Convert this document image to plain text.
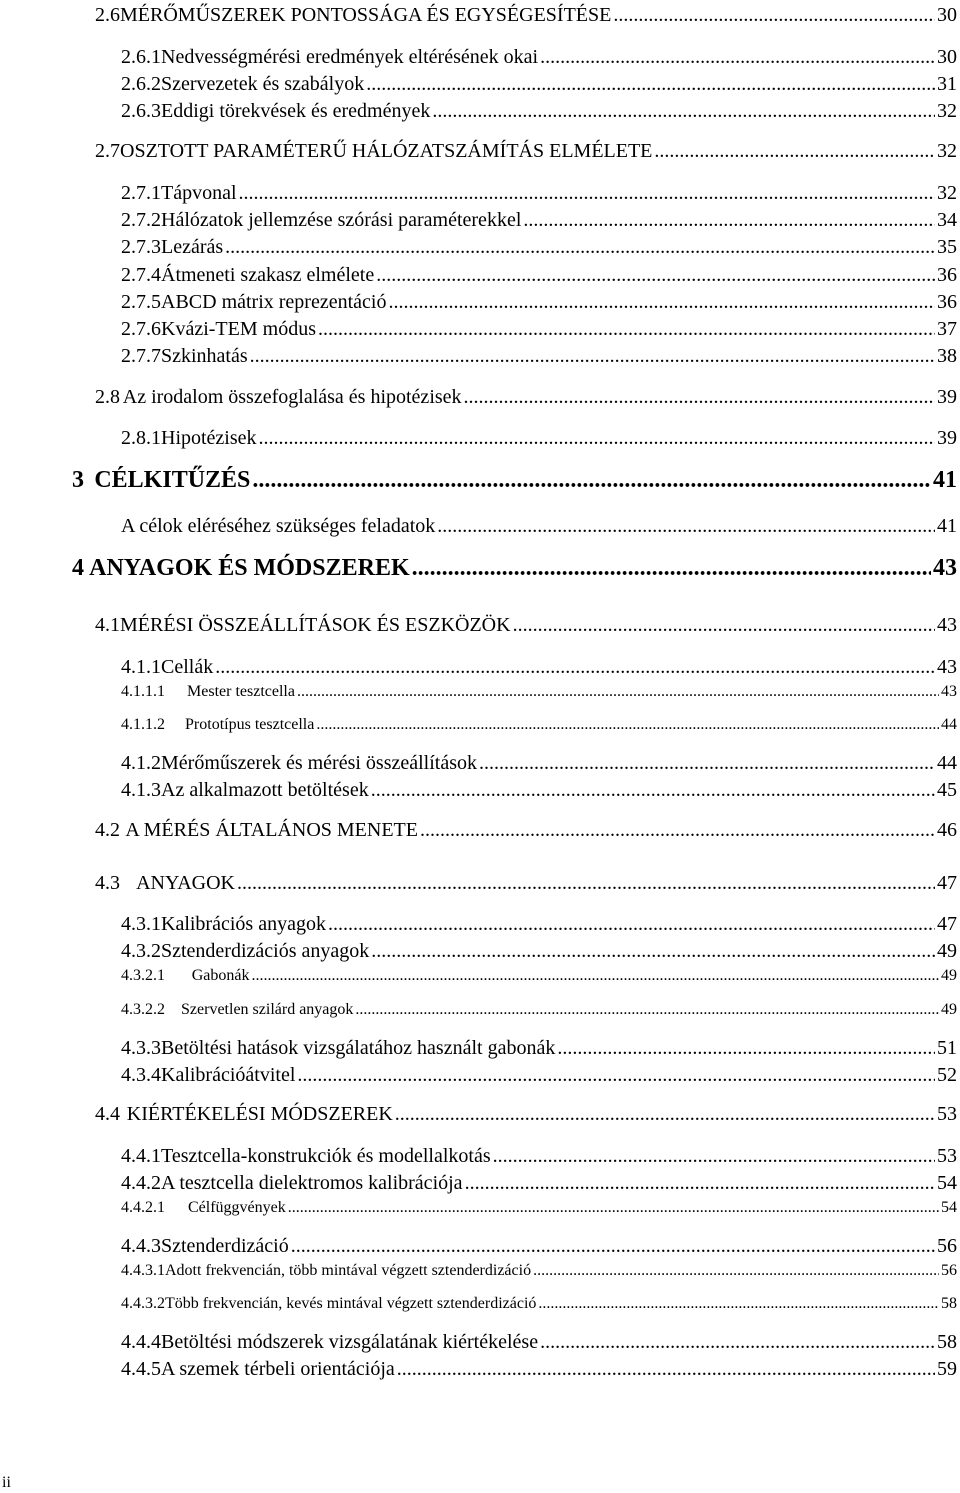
2.6 MÉRŐMŰSZEREK PONTOSSÁGA ÉS EGYSÉGESÍTÉSE .....	30
2.6.1 Nedvességmérési eredmények eltérésének okai .....	30
2.6.2 Szervezetek és szabályok .....	31
2.6.3 Eddigi törekvések és eredmények .....	32
2.7 OSZTOTT PARAMÉTERŰ HÁLÓZATSZÁMÍTÁS ELMÉLETE .....	32
2.7.1 Tápvonal .....	32
2.7.2 Hálózatok jellemzése szórási paraméterekkel .....	34
2.7.3 Lezárás .....	35
2.7.4 Átmeneti szakasz elmélete .....	36
2.7.5 ABCD mátrix reprezentáció .....	36
2.7.6 Kvázi-TEM módus .....	37
2.7.7 Szkinhatás .....	38
2.8 Az irodalom összefoglalása és hipotézisek .....	39
2.8.1 Hipotézisek .....	39
3 CÉLKITŰZÉS .....	41
A célok eléréséhez szükséges feladatok .....	41
4 ANYAGOK ÉS MÓDSZEREK .....	43
4.1 MÉRÉSI ÖSSZEÁLLÍTÁSOK ÉS ESZKÖZÖK .....	43
4.1.1 Cellák .....	43
4.1.1.1	Mester tesztcella .....	43
4.1.1.2	Prototípus tesztcella .....	44
4.1.2 Mérőműszerek és mérési összeállítások .....	44
4.1.3 Az alkalmazott betöltések .....	45
4.2 A MÉRÉS ÁLTALÁNOS MENETE .....	46
4.3 ANYAGOK .....	47
4.3.1 Kalibrációs anyagok .....	47
4.3.2 Sztenderdizációs anyagok .....	49
4.3.2.1	Gabonák .....	49
4.3.2.2	Szervetlen szilárd anyagok .....	49
4.3.3 Betöltési hatások vizsgálatához használt gabonák .....	51
4.3.4 Kalibrációátvitel .....	52
4.4 KIÉRTÉKELÉSI MÓDSZEREK .....	53
4.4.1 Tesztcella-konstrukciók és modellalkotás .....	53
4.4.2 A tesztcella dielektromos kalibrációja .....	54
4.4.2.1	Célfüggvények .....	54
4.4.3 Sztenderdizáció .....	56
4.4.3.1 Adott frekvencián, több mintával végzett sztenderdizáció .....	56
4.4.3.2 Több frekvencián, kevés mintával végzett sztenderdizáció .....	58
4.4.4 Betöltési módszerek vizsgálatának kiértékelése .....	58
4.4.5 A szemek térbeli orientációja .....	59
ii
